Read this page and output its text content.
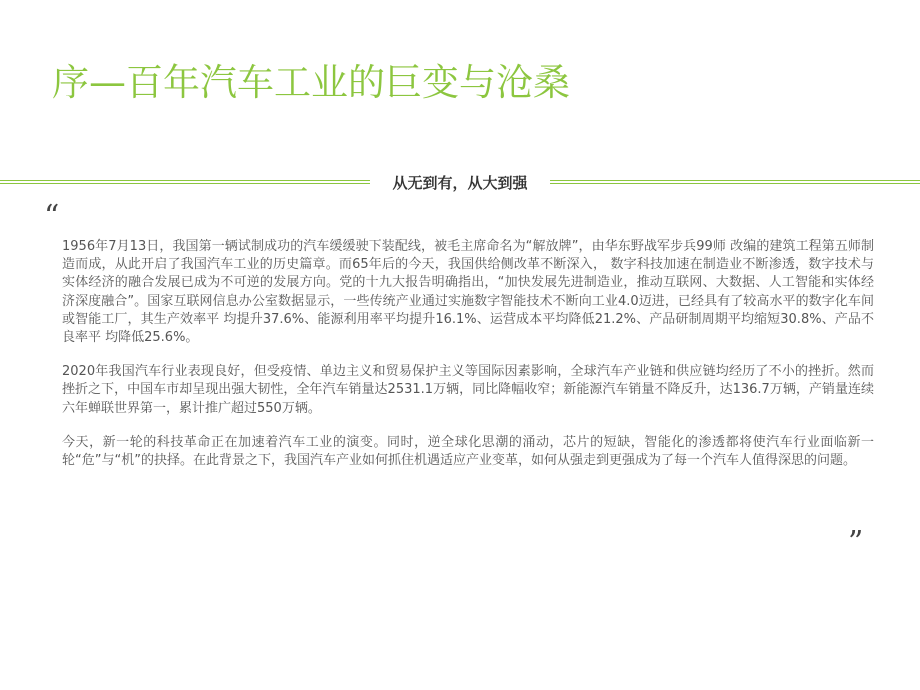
序—百年汽车工业的巨变与沧桑
从无到有，从大到强
“

1956年7月13日，我国第一辆试制成功的汽车缓缓驶下装配线，被毛主席命名为“解放牌”，由华东野战军步兵99师 改编的建筑工程第五师制造而成，从此开启了我国汽车工业的历史篇章。而65年后的今天，我国供给侧改革不断深入， 数字科技加速在制造业不断渗透，数字技术与实体经济的融合发展已成为不可逆的发展方向。党的十九大报告明确指出，“加快发展先进制造业，推动互联网、大数据、人工智能和实体经济深度融合”。国家互联网信息办公室数据显示，一些传统产业通过实施数字智能技术不断向工业4.0迈进，已经具有了较高水平的数字化车间或智能工厂，其生产效率平 均提升37.6%、能源利用率平均提升16.1%、运营成本平均降低21.2%、产品研制周期平均缩短30.8%、产品不良率平 均降低25.6%。

2020年我国汽车行业表现良好，但受疫情、单边主义和贸易保护主义等国际因素影响，全球汽车产业链和供应链均经历了不小的挫折。然而挫折之下，中国车市却呈现出强大韧性，全年汽车销量达2531.1万辆，同比降幅收窄；新能源汽车销量不降反升，达136.7万辆，产销量连续六年蝉联世界第一，累计推广超过550万辆。

今天，新一轮的科技革命正在加速着汽车工业的演变。同时，逆全球化思潮的涌动，芯片的短缺，智能化的渗透都将使汽车行业面临新一轮“危”与“机”的抉择。在此背景之下，我国汽车产业如何抓住机遇适应产业变革，如何从强走到更强成为了每一个汽车人值得深思的问题。

”
